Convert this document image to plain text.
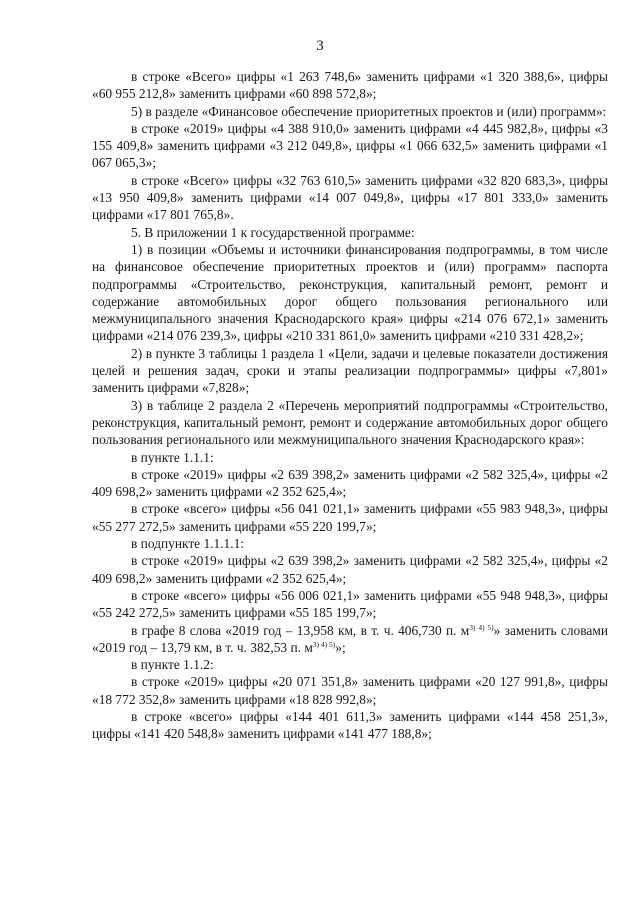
3

в строке «Всего» цифры «1 263 748,6» заменить цифрами «1 320 388,6», цифры «60 955 212,8» заменить цифрами «60 898 572,8»;

5) в разделе «Финансовое обеспечение приоритетных проектов и (или) программ»:

в строке «2019» цифры «4 388 910,0» заменить цифрами «4 445 982,8», цифры «3 155 409,8» заменить цифрами «3 212 049,8», цифры «1 066 632,5» заменить цифрами «1 067 065,3»;

в строке «Всего» цифры «32 763 610,5» заменить цифрами «32 820 683,3», цифры «13 950 409,8» заменить цифрами «14 007 049,8», цифры «17 801 333,0» заменить цифрами «17 801 765,8».

5. В приложении 1 к государственной программе:

1) в позиции «Объемы и источники финансирования подпрограммы, в том числе на финансовое обеспечение приоритетных проектов и (или) программ» паспорта подпрограммы «Строительство, реконструкция, капитальный ремонт, ремонт и содержание автомобильных дорог общего пользования регионального или межмуниципального значения Краснодарского края» цифры «214 076 672,1» заменить цифрами «214 076 239,3», цифры «210 331 861,0» заменить цифрами «210 331 428,2»;

2) в пункте 3 таблицы 1 раздела 1 «Цели, задачи и целевые показатели достижения целей и решения задач, сроки и этапы реализации подпрограммы» цифры «7,801» заменить цифрами «7,828»;

3) в таблице 2 раздела 2 «Перечень мероприятий подпрограммы «Строительство, реконструкция, капитальный ремонт, ремонт и содержание автомобильных дорог общего пользования регионального или межмуниципального значения Краснодарского края»:

в пункте 1.1.1:

в строке «2019» цифры «2 639 398,2» заменить цифрами «2 582 325,4», цифры «2 409 698,2» заменить цифрами «2 352 625,4»;

в строке «всего» цифры «56 041 021,1» заменить цифрами «55 983 948,3», цифры «55 277 272,5» заменить цифрами «55 220 199,7»;

в подпункте 1.1.1.1:

в строке «2019» цифры «2 639 398,2» заменить цифрами «2 582 325,4», цифры «2 409 698,2» заменить цифрами «2 352 625,4»;

в строке «всего» цифры «56 006 021,1» заменить цифрами «55 948 948,3», цифры «55 242 272,5» заменить цифрами «55 185 199,7»;

в графе 8 слова «2019 год – 13,958 км, в т. ч. 406,730 п. $м^{3) 4) 5)}$» заменить словами «2019 год – 13,79 км, в т. ч. 382,53 п. $м^{3) 4) 5)}$»;

в пункте 1.1.2:

в строке «2019» цифры «20 071 351,8» заменить цифрами «20 127 991,8», цифры «18 772 352,8» заменить цифрами «18 828 992,8»;

в строке «всего» цифры «144 401 611,3» заменить цифрами «144 458 251,3», цифры «141 420 548,8» заменить цифрами «141 477 188,8»;
